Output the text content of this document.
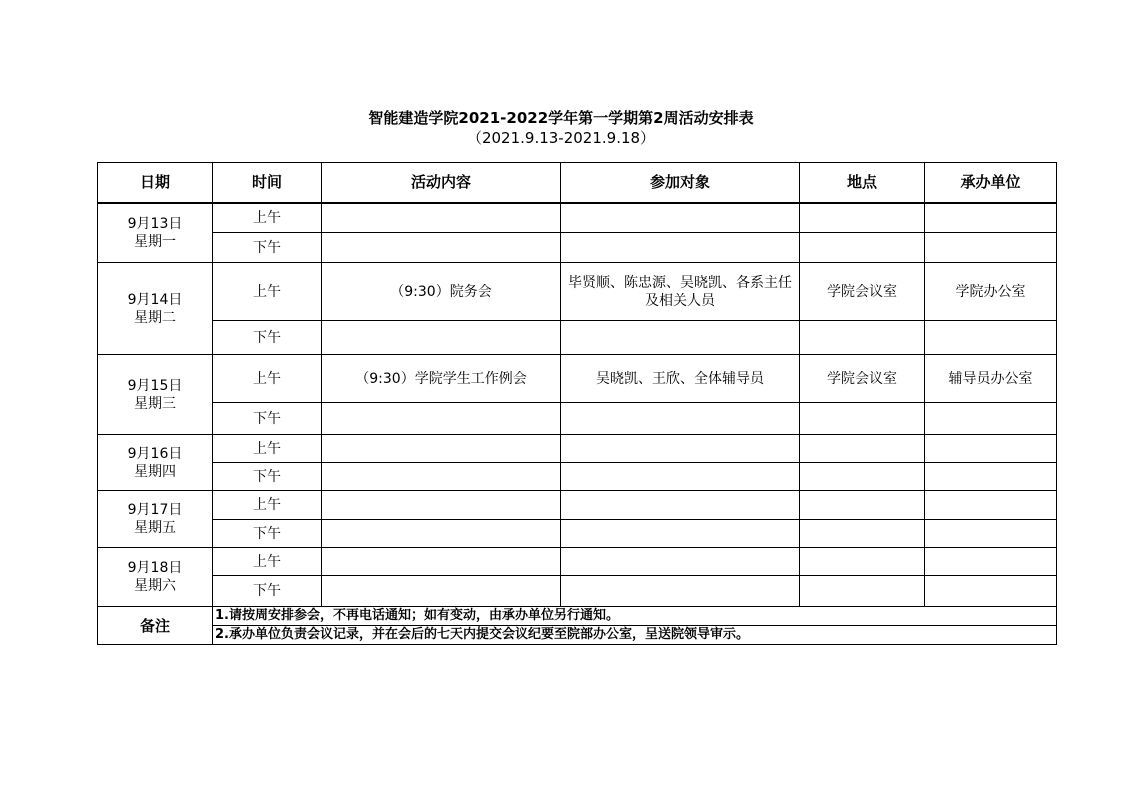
智能建造学院2021-2022学年第一学期第2周活动安排表
（2021.9.13-2021.9.18）
日期	时间	活动内容	参加对象	地点	承办单位

9月13日
星期一	上午				
	下午				

9月14日
星期二	上午	（9:30）院务会	毕贤顺、陈忠源、吴晓凯、各系主任及相关人员	学院会议室	学院办公室
	下午				

9月15日
星期三	上午	（9:30）学院学生工作例会	吴晓凯、王欣、全体辅导员	学院会议室	辅导员办公室
	下午				

9月16日
星期四	上午				
	下午				

9月17日
星期五	上午				
	下午				

9月18日
星期六	上午				
	下午				
备注	1.请按周安排参会，不再电话通知；如有变动，由承办单位另行通知。				
	2.承办单位负责会议记录，并在会后的七天内提交会议纪要至院部办公室，呈送院领导审示。				
